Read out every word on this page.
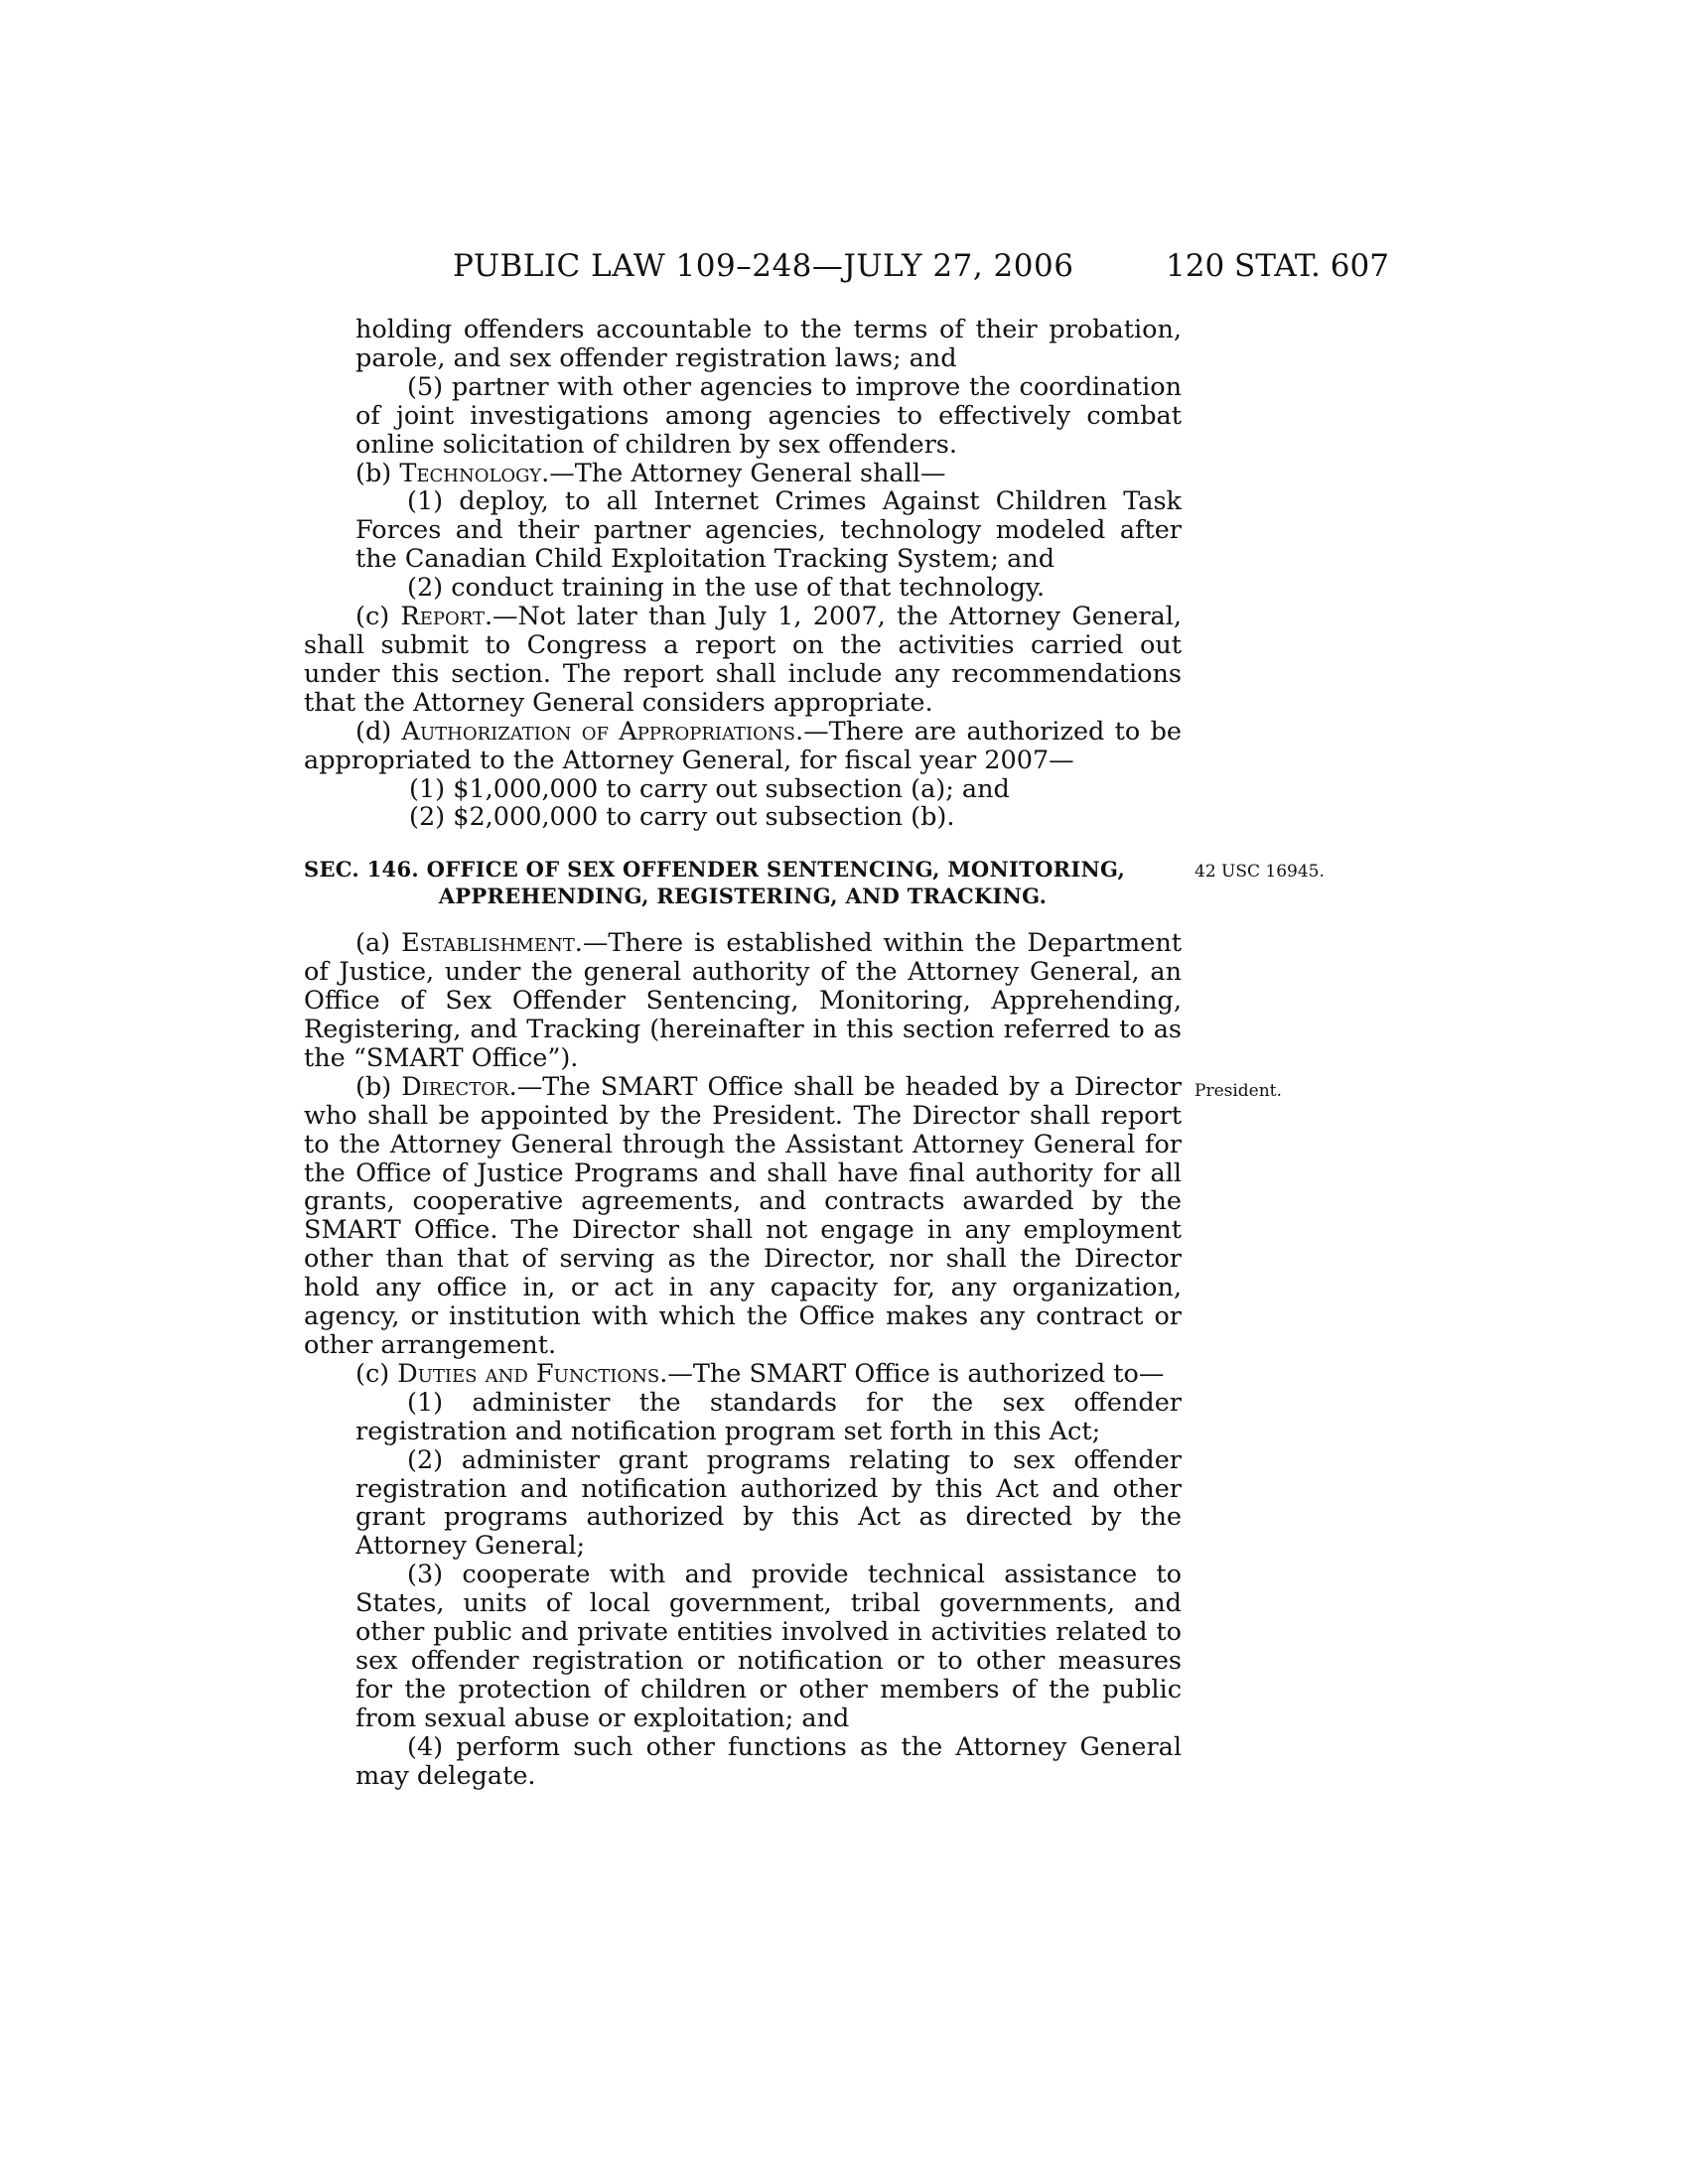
PUBLIC LAW 109–248—JULY 27, 2006	120 STAT. 607

holding offenders accountable to the terms of their probation, parole, and sex offender registration laws; and

(5) partner with other agencies to improve the coordination of joint investigations among agencies to effectively combat online solicitation of children by sex offenders.

(b) Technology.—The Attorney General shall—

(1) deploy, to all Internet Crimes Against Children Task Forces and their partner agencies, technology modeled after the Canadian Child Exploitation Tracking System; and

(2) conduct training in the use of that technology.

(c) Report.—Not later than July 1, 2007, the Attorney General, shall submit to Congress a report on the activities carried out under this section. The report shall include any recommendations that the Attorney General considers appropriate.

(d) Authorization of Appropriations.—There are authorized to be appropriated to the Attorney General, for fiscal year 2007—

(1) $1,000,000 to carry out subsection (a); and

(2) $2,000,000 to carry out subsection (b).

SEC. 146. OFFICE OF SEX OFFENDER SENTENCING, MONITORING,
APPREHENDING, REGISTERING, AND TRACKING.

(a) Establishment.—There is established within the Department of Justice, under the general authority of the Attorney General, an Office of Sex Offender Sentencing, Monitoring, Apprehending, Registering, and Tracking (hereinafter in this section referred to as the “SMART Office”).

(b) Director.—The SMART Office shall be headed by a Director who shall be appointed by the President. The Director shall report to the Attorney General through the Assistant Attorney General for the Office of Justice Programs and shall have final authority for all grants, cooperative agreements, and contracts awarded by the SMART Office. The Director shall not engage in any employment other than that of serving as the Director, nor shall the Director hold any office in, or act in any capacity for, any organization, agency, or institution with which the Office makes any contract or other arrangement.

(c) Duties and Functions.—The SMART Office is authorized to—

(1) administer the standards for the sex offender registration and notification program set forth in this Act;

(2) administer grant programs relating to sex offender registration and notification authorized by this Act and other grant programs authorized by this Act as directed by the Attorney General;

(3) cooperate with and provide technical assistance to States, units of local government, tribal governments, and other public and private entities involved in activities related to sex offender registration or notification or to other measures for the protection of children or other members of the public from sexual abuse or exploitation; and

(4) perform such other functions as the Attorney General may delegate.

42 USC 16945.
President.
